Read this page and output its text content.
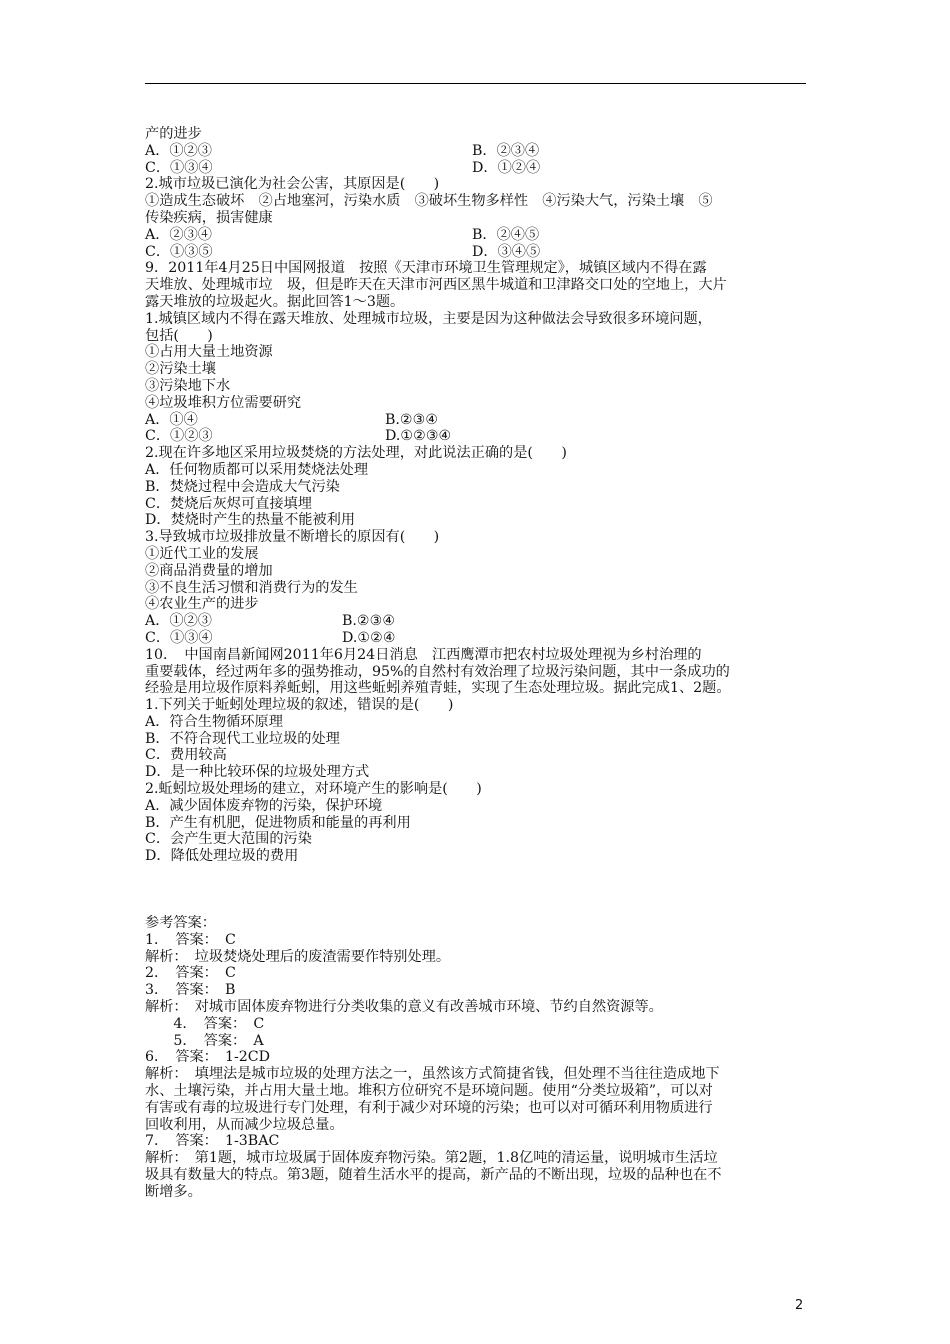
产的进步

A．①②③

	B．②③④

C．①③④

	D．①②④

2.城市垃圾已演化为社会公害，其原因是(　　)
①造成生态破坏　②占地塞河，污染水质　③破坏生物多样性　④污染大气，污染土壤　⑤
传染疾病，损害健康

A．②③④

	B．②④⑤

C．①③⑤

	D．③④⑤

9．2011年4月25日中国网报道　按照《天津市环境卫生管理规定》，城镇区域内不得在露
天堆放、处理城市垃　圾，但是昨天在天津市河西区黑牛城道和卫津路交口处的空地上，大片
露天堆放的垃圾起火。据此回答1～3题。
1.城镇区域内不得在露天堆放、处理城市垃圾，主要是因为这种做法会导致很多环境问题，
包括(　　)
①占用大量土地资源
②污染土壤
③污染地下水
④垃圾堆积方位需要研究

A．①④

	B.②③④

C．①②③

	D.①②③④

2.现在许多地区采用垃圾焚烧的方法处理，对此说法正确的是(　　)
A．任何物质都可以采用焚烧法处理
B．焚烧过程中会造成大气污染
C．焚烧后灰烬可直接填埋
D．焚烧时产生的热量不能被利用
3.导致城市垃圾排放量不断增长的原因有(　　)
①近代工业的发展
②商品消费量的增加
③不良生活习惯和消费行为的发生
④农业生产的进步

A．①②③

	B.②③④

C．①③④

	D.①②④

10．　中国南昌新闻网2011年6月24日消息　江西鹰潭市把农村垃圾处理视为乡村治理的
重要载体，经过两年多的强势推动，95%的自然村有效治理了垃圾污染问题，其中一条成功的
经验是用垃圾作原料养蚯蚓，用这些蚯蚓养殖青蛙，实现了生态处理垃圾。据此完成1、2题。
1.下列关于蚯蚓处理垃圾的叙述，错误的是(　　)
A．符合生物循环原理
B．不符合现代工业垃圾的处理
C．费用较高
D．是一种比较环保的垃圾处理方式
2.蚯蚓垃圾处理场的建立，对环境产生的影响是(　　)
A．减少固体废弃物的污染，保护环境
B．产生有机肥，促进物质和能量的再利用
C．会产生更大范围的污染
D．降低处理垃圾的费用
参考答案：
1．　答案：　C
解析：　垃圾焚烧处理后的废渣需要作特别处理。
2．　答案：　C
3．　答案：　B
解析：　对城市固体废弃物进行分类收集的意义有改善城市环境、节约自然资源等。
　　4．　答案：　C
　　5．　答案：　A
6．　答案：　1-2CD
解析：　填埋法是城市垃圾的处理方法之一，虽然该方式简捷省钱，但处理不当往往造成地下
水、土壤污染，并占用大量土地。堆积方位研究不是环境问题。使用“分类垃圾箱”，可以对
有害或有毒的垃圾进行专门处理，有利于减少对环境的污染；也可以对可循环利用物质进行
回收利用，从而减少垃圾总量。
7．　答案：　1-3BAC
解析：　第1题，城市垃圾属于固体废弃物污染。第2题，1.8亿吨的清运量，说明城市生活垃
圾具有数量大的特点。第3题，随着生活水平的提高，新产品的不断出现，垃圾的品种也在不
断增多。
2
